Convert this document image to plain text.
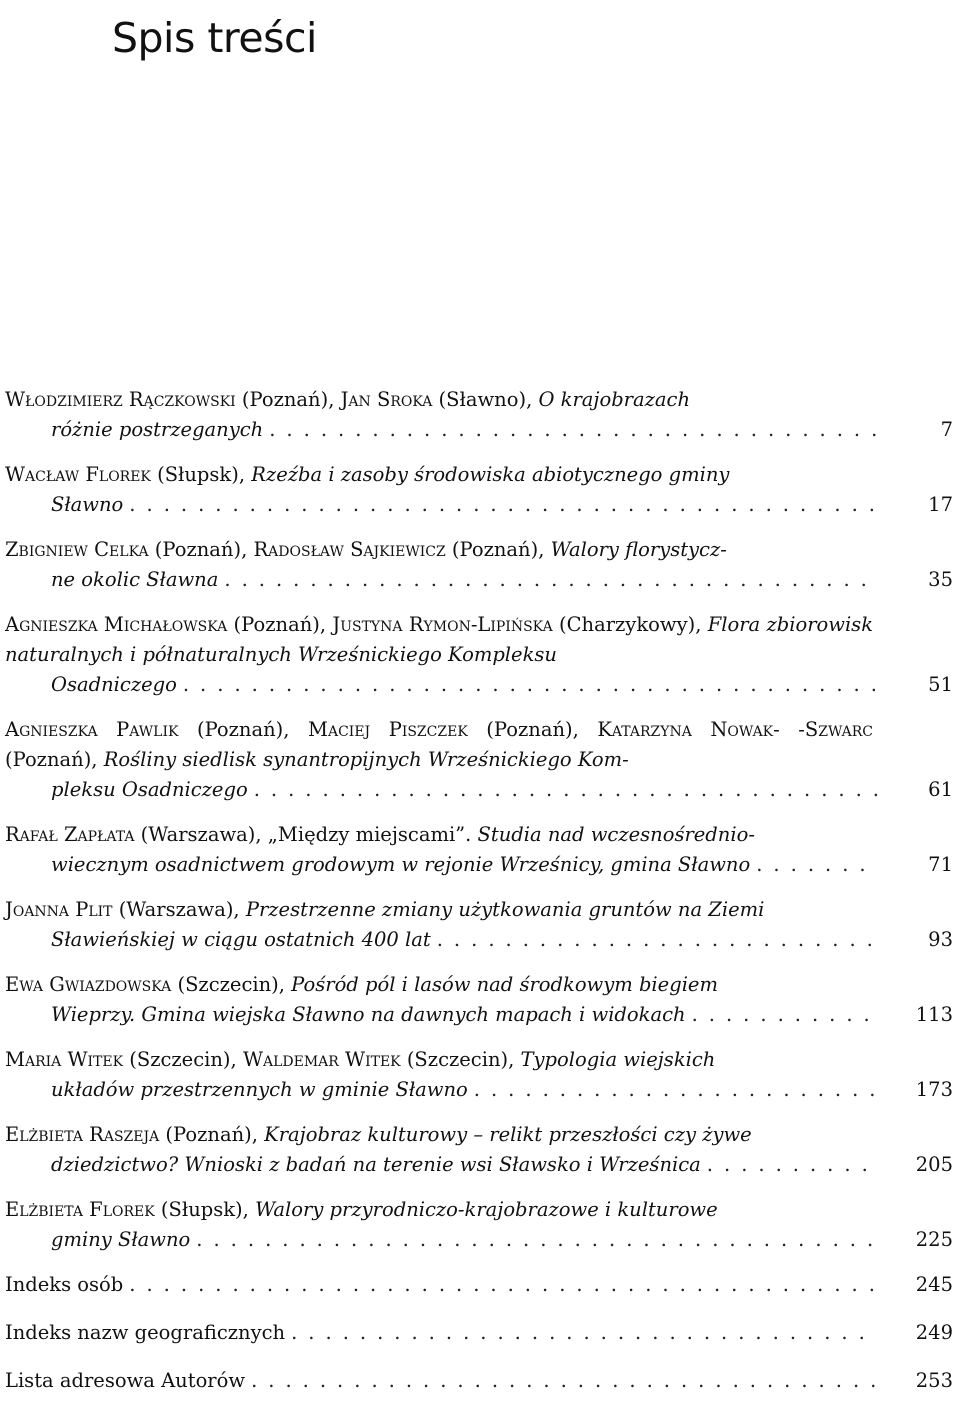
Spis treści
Włodzimierz Rączkowski (Poznań), Jan Sroka (Sławno), O krajobrazach
różnie postrzeganych . . .	7
Wacław Florek (Słupsk), Rzeźba i zasoby środowiska abiotycznego gminy
Sławno . . .	17
Zbigniew Celka (Poznań), Radosław Sajkiewicz (Poznań), Walory florystycz-
ne okolic Sławna . . .	35
Agnieszka Michałowska (Poznań), Justyna Rymon-Lipińska (Charzykowy), Flora zbiorowisk naturalnych i półnaturalnych Wrześnickiego Kompleksu
Osadniczego . . .	51
Agnieszka Pawlik (Poznań), Maciej Piszczek (Poznań), Katarzyna Nowak- -Szwarc (Poznań), Rośliny siedlisk synantropijnych Wrześnickiego Kom-
pleksu Osadniczego . . .	61
Rafał Zapłata (Warszawa), „Między miejscami”. Studia nad wczesnośrednio-
wiecznym osadnictwem grodowym w rejonie Wrześnicy, gmina Sławno . . .	71
Joanna Plit (Warszawa), Przestrzenne zmiany użytkowania gruntów na Ziemi
Sławieńskiej w ciągu ostatnich 400 lat . . .	93
Ewa Gwiazdowska (Szczecin), Pośród pól i lasów nad środkowym biegiem
Wieprzy. Gmina wiejska Sławno na dawnych mapach i widokach . . .	113
Maria Witek (Szczecin), Waldemar Witek (Szczecin), Typologia wiejskich
układów przestrzennych w gminie Sławno . . .	173
Elżbieta Raszeja (Poznań), Krajobraz kulturowy – relikt przeszłości czy żywe
dziedzictwo? Wnioski z badań na terenie wsi Sławsko i Wrześnica . . .	205
Elżbieta Florek (Słupsk), Walory przyrodniczo-krajobrazowe i kulturowe
gminy Sławno . . .	225
Indeks osób . . .	245
Indeks nazw geograficznych . . .	249
Lista adresowa Autorów . . .	253
